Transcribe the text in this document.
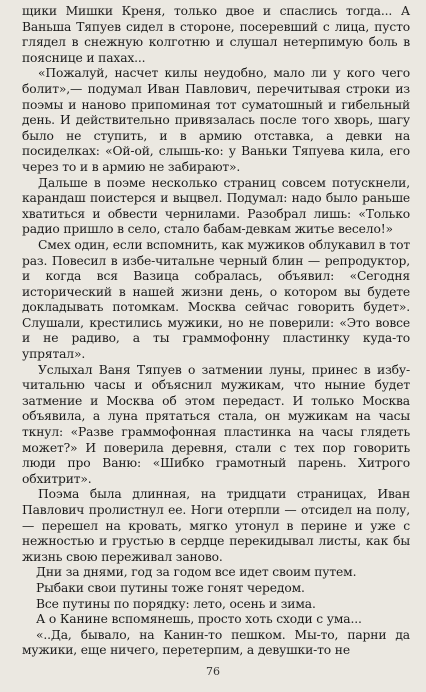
щики Мишки Креня, только двое и спаслись тогда... А Ваньша Тяпуев сидел в стороне, посеревший с лица, пусто глядел в снежную колготню и слушал нетерпимую боль в пояснице и пахах...

«Пожалуй, насчет килы неудобно, мало ли у кого чего болит»,— подумал Иван Павлович, перечитывая строки из поэмы и наново припоминая тот суматошный и гибельный день. И действительно привязалась после того хворь, шагу было не ступить, и в армию отставка, а девки на посиделках: «Ой-ой, слышь-ко: у Ваньки Тяпуева кила, его через то и в армию не забирают».

Дальше в поэме несколько страниц совсем потускнели, карандаш поистерся и выцвел. Подумал: надо было раньше хватиться и обвести чернилами. Разобрал лишь: «Только радио пришло в село, стало бабам-девкам житье весело!»

Смех один, если вспомнить, как мужиков облукавил в тот раз. Повесил в избе-читальне черный блин — репродуктор, и когда вся Вазица собралась, объявил: «Сегодня исторический в нашей жизни день, о котором вы будете докладывать потомкам. Москва сейчас говорить будет». Слушали, крестились мужики, но не поверили: «Это вовсе и не радиво, а ты граммофонну пластинку куда-то упрятал».

Услыхал Ваня Тяпуев о затмении луны, принес в избу-читальню часы и объяснил мужикам, что ныние будет затмение и Москва об этом передаст. И только Москва объявила, а луна прятаться стала, он мужикам на часы ткнул: «Разве граммофонная пластинка на часы глядеть может?» И поверила деревня, стали с тех пор говорить люди про Ваню: «Шибко грамотный парень. Хитрого обхитрит».

Поэма была длинная, на тридцати страницах, Иван Павлович пролистнул ее. Ноги отерпли — отсидел на полу,— перешел на кровать, мягко утонул в перине и уже с нежностью и грустью в сердце перекидывал листы, как бы жизнь свою переживал заново.

Дни за днями, год за годом все идет своим путем.

Рыбаки свои путины тоже гонят чередом.

Все путины по порядку: лето, осень и зима.

А о Канине вспомянешь, просто хоть сходи с ума...

«..Да, бывало, на Канин-то пешком. Мы-то, парни да мужики, еще ничего, перетерпим, а девушки-то не

76
